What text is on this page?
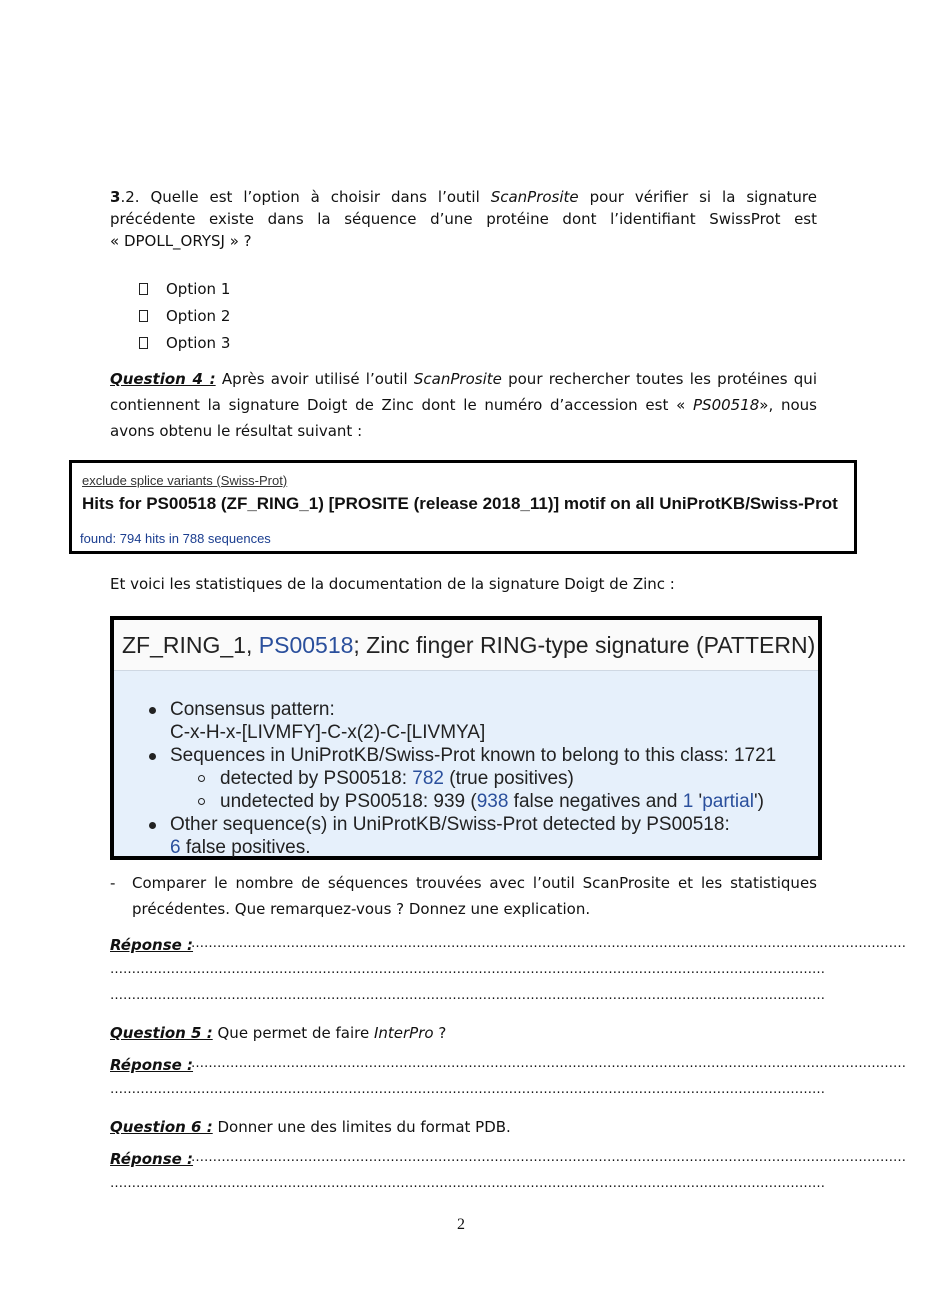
3.2. Quelle est l’option à choisir dans l’outil ScanProsite pour vérifier si la signature
précédente existe dans la séquence d’une protéine dont l’identifiant SwissProt est
« DPOLL_ORYSJ » ?
Option 1
Option 2
Option 3
Question 4 : Après avoir utilisé l’outil ScanProsite pour rechercher toutes les protéines qui
contiennent la signature Doigt de Zinc dont le numéro d’accession est « PS00518», nous
avons obtenu le résultat suivant :
exclude splice variants (Swiss-Prot)
Hits for PS00518 (ZF_RING_1) [PROSITE (release 2018_11)] motif on all UniProtKB/Swiss-Prot
found: 794 hits in 788 sequences
Et voici les statistiques de la documentation de la signature Doigt de Zinc :
ZF_RING_1, PS00518; Zinc finger RING-type signature (PATTERN)
Consensus pattern:
C-x-H-x-[LIVMFY]-C-x(2)-C-[LIVMYA]
Sequences in UniProtKB/Swiss-Prot known to belong to this class: 1721
detected by PS00518: 782 (true positives)
undetected by PS00518: 939 (938 false negatives and 1 'partial')
Other sequence(s) in UniProtKB/Swiss-Prot detected by PS00518:
6 false positives.
- Comparer le nombre de séquences trouvées avec l’outil ScanProsite et les statistiques
précédentes. Que remarquez-vous ? Donnez une explication.
Réponse :
…………………………………………………………………………………………………………………………………………………
…………………………………………………………………………………………………………………………………………………
…………………………………………………………………………………………………………………………………………………
Question 5 : Que permet de faire InterPro ?
Réponse :
…………………………………………………………………………………………………………………………………………………
…………………………………………………………………………………………………………………………………………………
Question 6 : Donner une des limites du format PDB.
Réponse :
…………………………………………………………………………………………………………………………………………………
…………………………………………………………………………………………………………………………………………………
2
